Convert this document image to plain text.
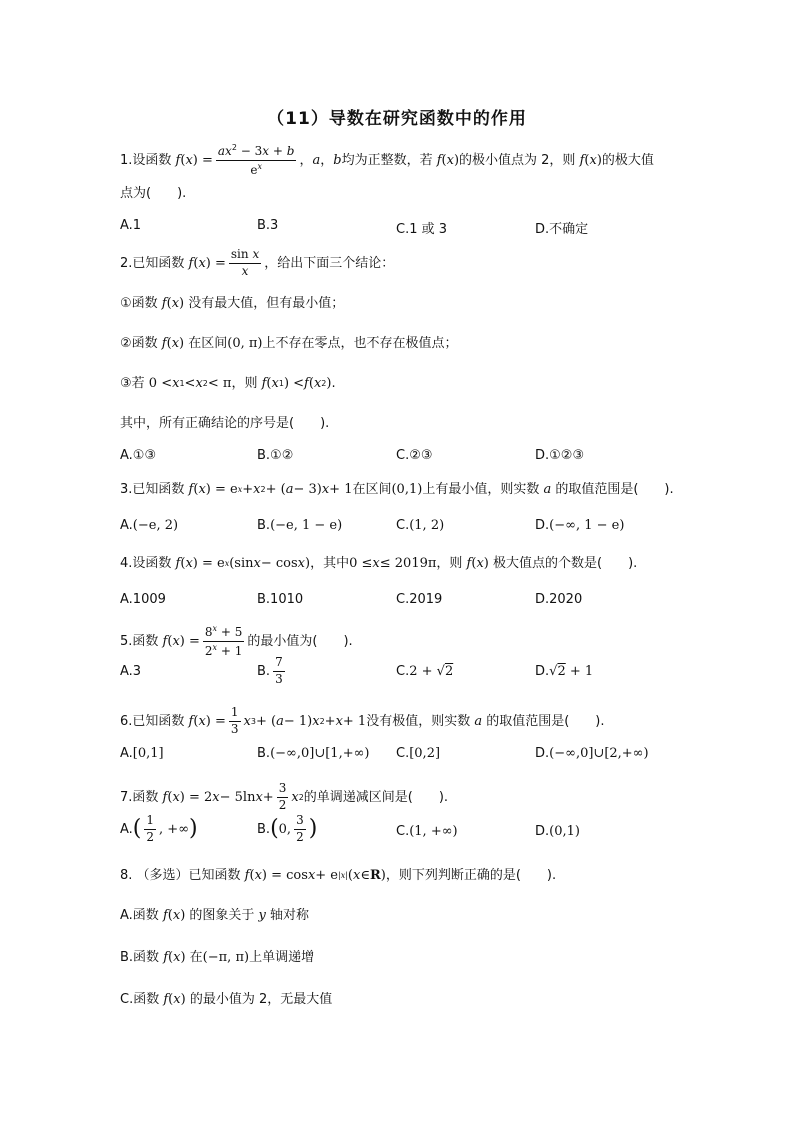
（11）导数在研究函数中的作用
1.设函数 f ( x ) = $\frac{ax^2 - 3x + b}{e^x}$ ， a ， b 均为正整数，若 f ( x ) 的极小值点为 2，则 f ( x ) 的极大值
点为(　　).
A.1	B.3	C.1 或 3	D.不确定
2.已知函数 f ( x ) = $\frac{\text{sin x}}{x}$ ，给出下面三个结论：
①函数 f ( x ) 没有最大值，但有最小值；
②函数 f ( x ) 在区间 (0, π) 上不存在零点，也不存在极值点；
③若 0 < x 1 < x 2 < π ，则 f ( x 1 ) < f ( x 2 ) .
其中，所有正确结论的序号是(　　).
A.①③	B.①②	C.②③	D.①②③
3.已知函数 f ( x ) = e x + x 2 + ( a − 3) x + 1 在区间 (0,1) 上有最小值，则实数 a 的取值范围是(　　).
A. (−e, 2)	B. (−e, 1 − e)	C. (1, 2)	D. (−∞, 1 − e)
4.设函数 f ( x ) = e x (sin x − cos x ) ，其中 0 ≤ x ≤ 2019π ，则 f ( x ) 极大值点的个数是(　　).
A.1009	B.1010	C.2019	D.2020
5.函数 f ( x ) = $\frac{8^x + 5}{2^x + 1}$ 的最小值为(　　).
A.3	B. $\frac{7}{3}$	C. 2 + √2	D. √2 + 1
6.已知函数 f ( x ) = $\frac{1}{3}$ x 3 + ( a − 1) x 2 + x + 1 没有极值，则实数 a 的取值范围是(　　).
A. [0,1]	B. (−∞,0]∪[1,+∞) C. [0,2]	D. (−∞,0]∪[2,+∞)
7.函数 f ( x ) = 2 x − 5ln $x + \frac{3}{2}$ x 2 的单调递减区间是(　　).
A. ( $\frac{1}{2}$ , +∞ )	B. ( 0, $\frac{3}{2}$ )	C. (1, +∞)	D. (0,1)
8. （多选）已知函数 f ( x ) = cos x + e |x| ( x ∈ R ) ，则下列判断正确的是(　　).
A.函数 f ( x ) 的图象关于 y 轴对称
B.函数 f ( x ) 在 (−π, π) 上单调递增
C.函数 f ( x ) 的最小值为 2，无最大值
